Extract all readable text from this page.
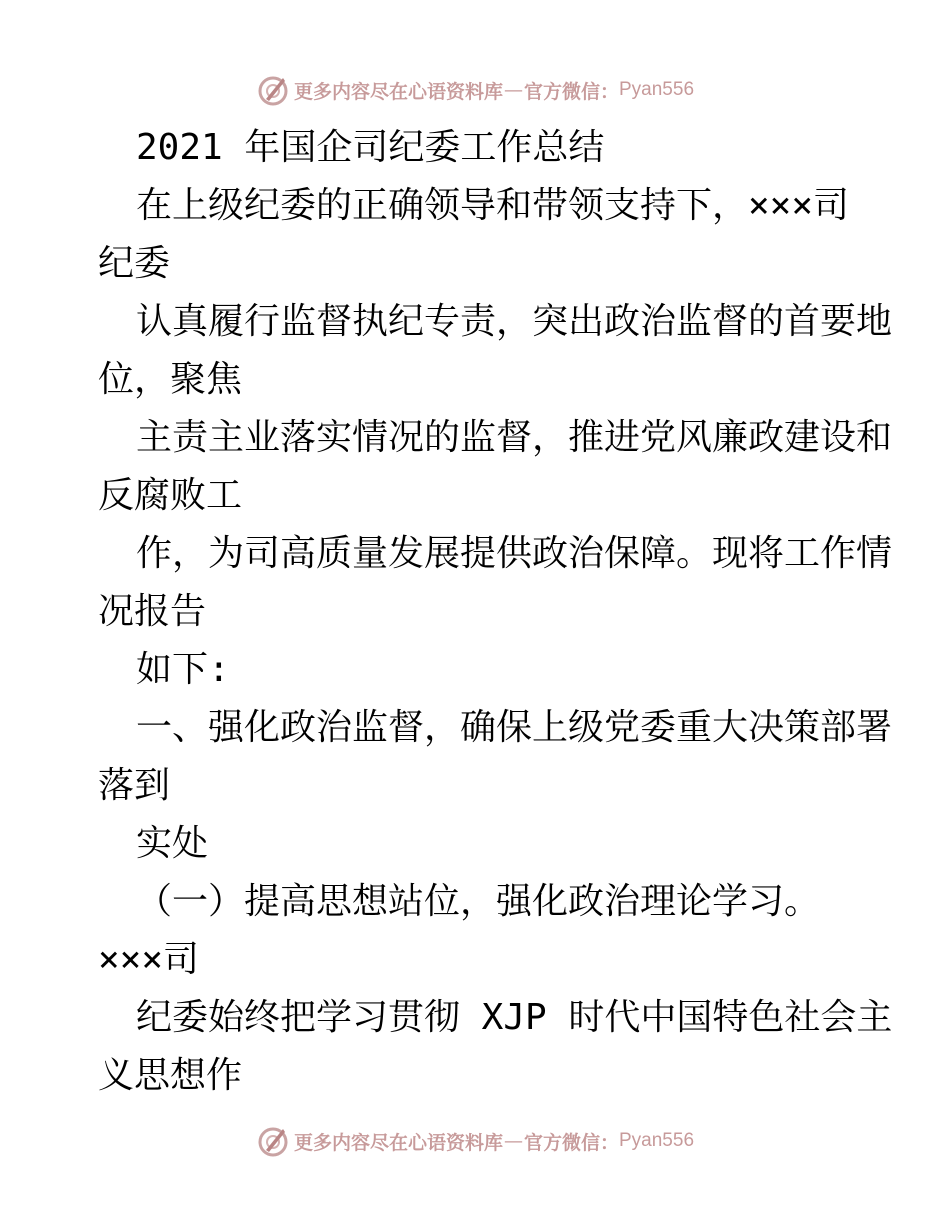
更多内容尽在心语资料库 — 官方微信： Pyan556
2021 年国企司纪委工作总结
在上级纪委的正确领导和带领支持下，×××司
纪委
认真履行监督执纪专责，突出政治监督的首要地
位，聚焦
主责主业落实情况的监督，推进党风廉政建设和
反腐败工
作，为司高质量发展提供政治保障。现将工作情
况报告
如下:
一、强化政治监督，确保上级党委重大决策部署
落到
实处
（一）提高思想站位，强化政治理论学习。
×××司
纪委始终把学习贯彻 XJP 时代中国特色社会主
义思想作
更多内容尽在心语资料库 — 官方微信： Pyan556
